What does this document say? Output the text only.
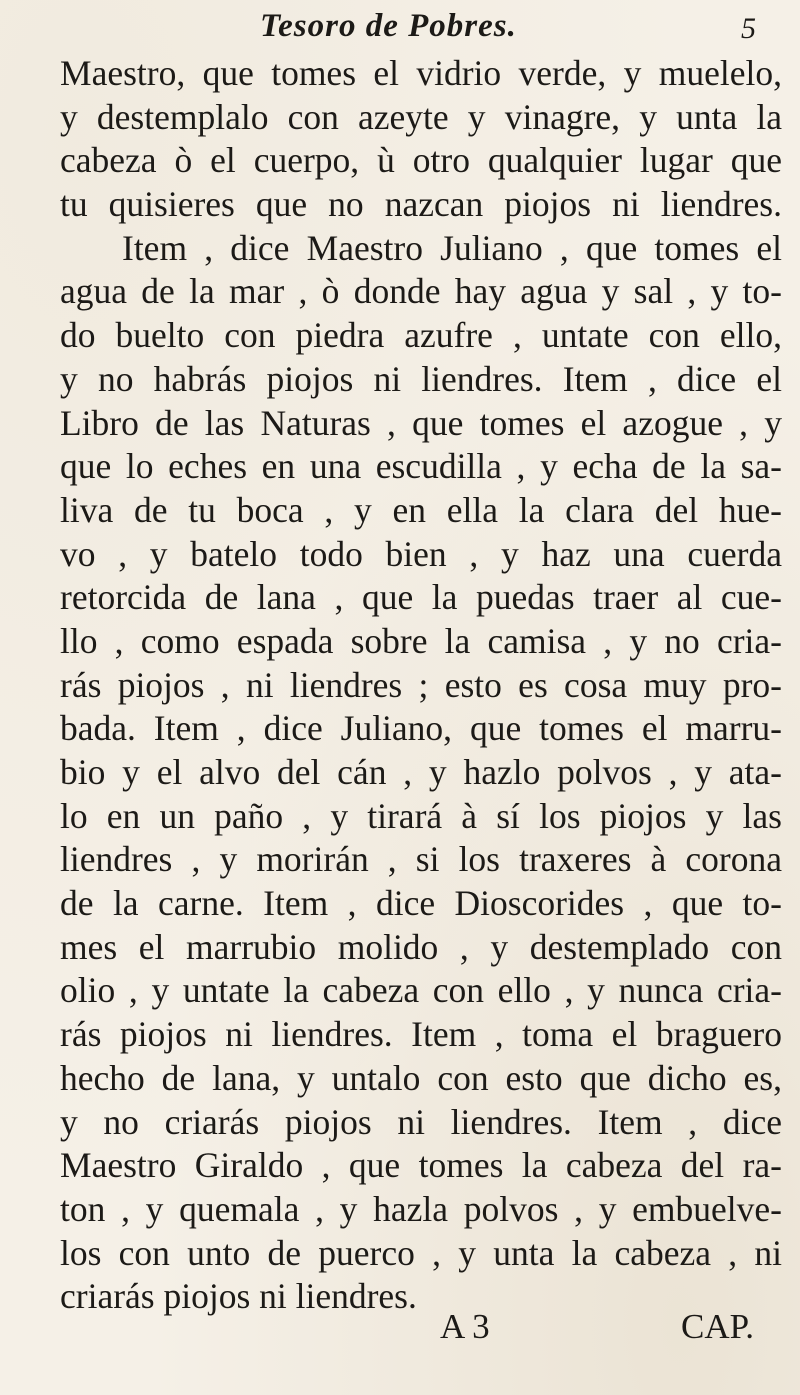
Tesoro de Pobres.	5
Maestro, que tomes el vidrio verde, y muelelo,
y destemplalo con azeyte y vinagre, y unta la
cabeza ò el cuerpo, ù otro qualquier lugar que
tu quisieres que no nazcan piojos ni liendres.
Item , dice Maestro Juliano , que tomes el
agua de la mar , ò donde hay agua y sal , y to-
do buelto con piedra azufre , untate con ello,
y no habrás piojos ni liendres. Item , dice el
Libro de las Naturas , que tomes el azogue , y
que lo eches en una escudilla , y echa de la sa-
liva de tu boca , y en ella la clara del hue-
vo , y batelo todo bien , y haz una cuerda
retorcida de lana , que la puedas traer al cue-
llo , como espada sobre la camisa , y no cria-
rás piojos , ni liendres ; esto es cosa muy pro-
bada. Item , dice Juliano, que tomes el marru-
bio y el alvo del cán , y hazlo polvos , y ata-
lo en un paño , y tirará à sí los piojos y las
liendres , y morirán , si los traxeres à corona
de la carne. Item , dice Dioscorides , que to-
mes el marrubio molido , y destemplado con
olio , y untate la cabeza con ello , y nunca cria-
rás piojos ni liendres. Item , toma el braguero
hecho de lana, y untalo con esto que dicho es,
y no criarás piojos ni liendres. Item , dice
Maestro Giraldo , que tomes la cabeza del ra-
ton , y quemala , y hazla polvos , y embuelve-
los con unto de puerco , y unta la cabeza , ni
criarás piojos ni liendres.
A 3	CAP.
